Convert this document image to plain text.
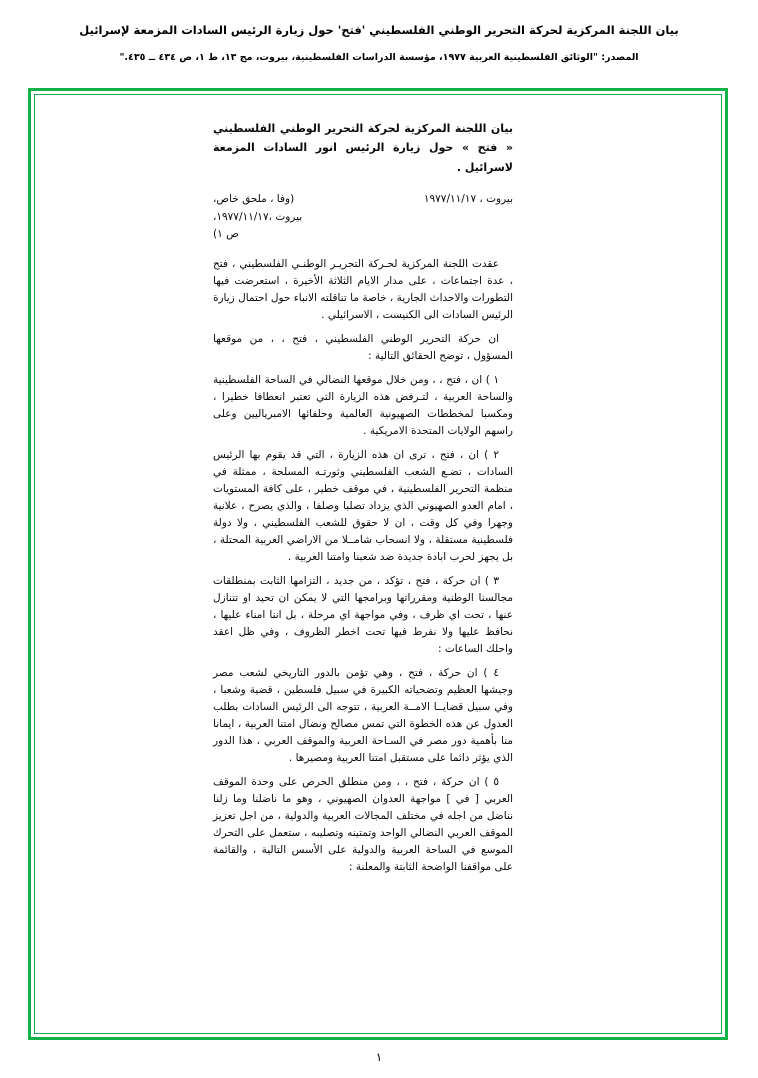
بيان اللجنة المركزية لحركة التحرير الوطني الفلسطيني 'فتح' حول زيارة الرئيس السادات المزمعة لإسرائيل
المصدر: "الوثائق الفلسطينية العربية ١٩٧٧، مؤسسة الدراسات الفلسطينية، بيروت، مج ١٣، ط ١، ص ٤٣٤ ــ ٤٣٥."
بيان اللجنة المركزية لحركة التحرير الوطني الفلسطيني « فتح » حول زيارة الرئيس انور السادات المزمعة لاسرائيل .
بيروت ، ١٩٧٧/١١/١٧
(وفا ، ملحق خاص،
بيروت ،١٩٧٧/١١/١٧،
ص ١)

عقدت اللجنة المركزية لحـركة التحريـر الوطنـي الفلسطيني ، فتح ، عدة اجتماعات ، على مدار الايام الثلاثة الأخيرة ، استعرضت فيها التطورات والاحداث الجارية ، خاصة ما تناقلته الانباء حول احتمال زيارة الرئيس السادات الى الكنيست ، الاسرائيلي .

ان حركة التحرير الوطني الفلسطيني ، فتح ، ، من موقعها المسؤول ، توضح الحقائق التالية :

١ ) ان ، فتح ، ، ومن خلال موقعها النضالي في الساحة الفلسطينية والساحة العربية ، لتـرفض هذه الزيارة التي تعتبر انعطافا خطيرا ، ومكسبا لمخططات الصهيونية العالمية وحلفائها الامبرياليين وعلى راسهم الولايات المتحدة الامريكية .

٢ ) ان ، فتح ، ترى ان هذه الزيارة ، التي قد يقوم بها الرئيس السادات ، تضـع الشعب الفلسطيني وثورتـه المسلحة ، ممثلة في منظمة التحرير الفلسطينية ، في موقف خطير ، على كافة المستويات ، امام العدو الصهيوني الذي يزداد تصلبا وصلفا ، والذي يصرح ، علانية وجهرا وفي كل وقت ، ان لا حقوق للشعب الفلسطيني ، ولا دولة فلسطينية مستقلة ، ولا انسحاب شامــلا من الاراضي العربية المحتلة ، بل يجهز لحرب ابادة جديدة ضد شعبنا وامتنا العربية .

٣ ) ان حركة ، فتح ، تؤكد ، من جديد ، التزامها الثابت بمنطلقات مجالسنا الوطنية ومقرراتها وبرامجها التي لا يمكن ان تحيد او تتنازل عنها ، تحت اي ظرف ، وفي مواجهة اي مرحلة ، بل اننا امناء عليها ، نحافظ عليها ولا نفرط فيها تحت اخطر الظروف ، وفي ظل اعقد واحلك الساعات :

٤ ) ان حركة ، فتح ، وهي تؤمن بالدور التاريخي لشعب مصر وجيشها العظيم وتضحياته الكبيرة في سبيل فلسطين ، قضية وشعبا ، وفي سبيل قضايــا الامــة العربية ، تتوجه الى الرئيس السادات بطلب العدول عن هذه الخطوة التي تمس مصالح ونضال امتنا العربية ، ايمانا منا بأهمية دور مصر في السـاحة العربية والموقف العربي ، هذا الدور الذي يؤثر دائما على مستقبل امتنا العربية ومصيرها .

٥ ) ان حركة ، فتح ، ، ومن منطلق الحرص على وحدة الموقف العربي [ في ] مواجهة العدوان الصهيوني ، وهو ما ناضلنا وما زلنا نناضل من اجله في مختلف المجالات العربية والدولية ، من اجل تعزيز الموقف العربي النضالي الواحد وتمتينه وتصليبه ، ستعمل على التحرك الموسع في الساحة العربية والدولية على الأسس التالية ، والقائمة على مواقفنا الواضحة الثابتة والمعلنة :

١
